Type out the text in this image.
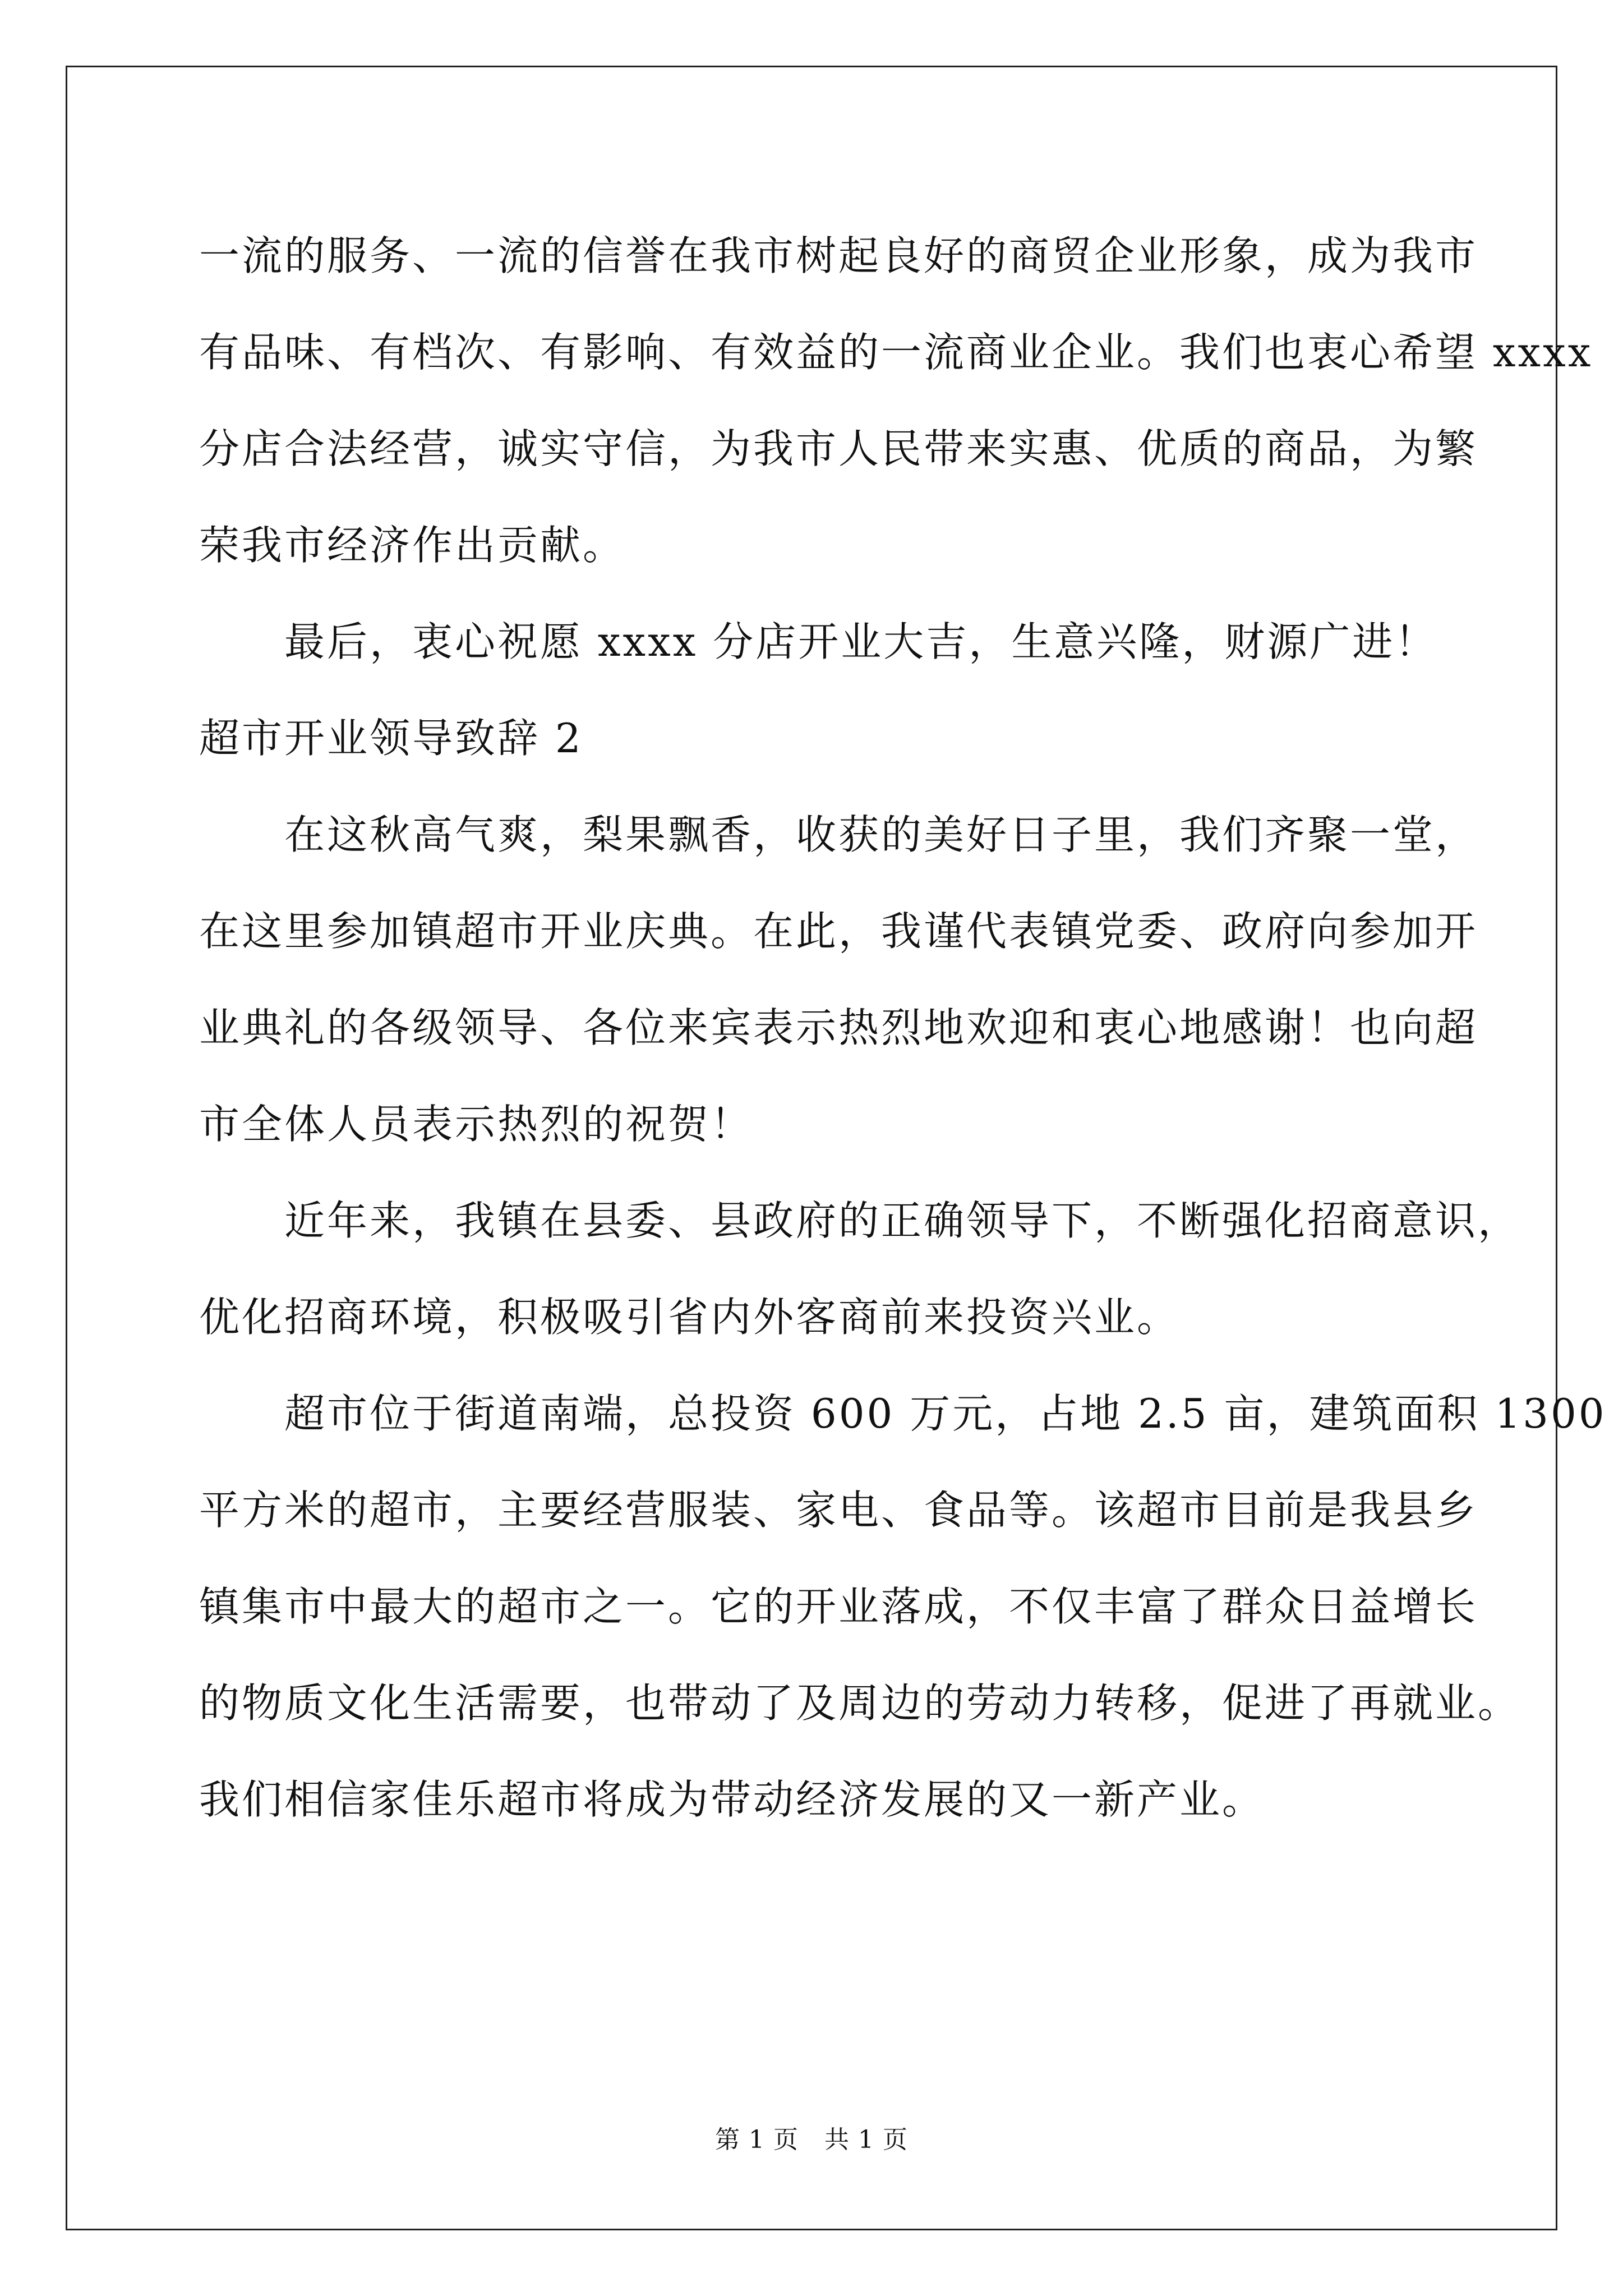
一流的服务、一流的信誉在我市树起良好的商贸企业形象，成为我市

有品味、有档次、有影响、有效益的一流商业企业。我们也衷心希望 xxxx

分店合法经营，诚实守信，为我市人民带来实惠、优质的商品，为繁

荣我市经济作出贡献。

最后，衷心祝愿 xxxx 分店开业大吉，生意兴隆，财源广进！

超市开业领导致辞 2

在这秋高气爽，梨果飘香，收获的美好日子里，我们齐聚一堂，

在这里参加镇超市开业庆典。在此，我谨代表镇党委、政府向参加开

业典礼的各级领导、各位来宾表示热烈地欢迎和衷心地感谢！也向超

市全体人员表示热烈的祝贺！

近年来，我镇在县委、县政府的正确领导下，不断强化招商意识，

优化招商环境，积极吸引省内外客商前来投资兴业。

超市位于街道南端，总投资 600 万元，占地 2.5 亩，建筑面积 1300

平方米的超市，主要经营服装、家电、食品等。该超市目前是我县乡

镇集市中最大的超市之一。它的开业落成，不仅丰富了群众日益增长

的物质文化生活需要，也带动了及周边的劳动力转移，促进了再就业。

我们相信家佳乐超市将成为带动经济发展的又一新产业。

第 1 页 共 1 页
